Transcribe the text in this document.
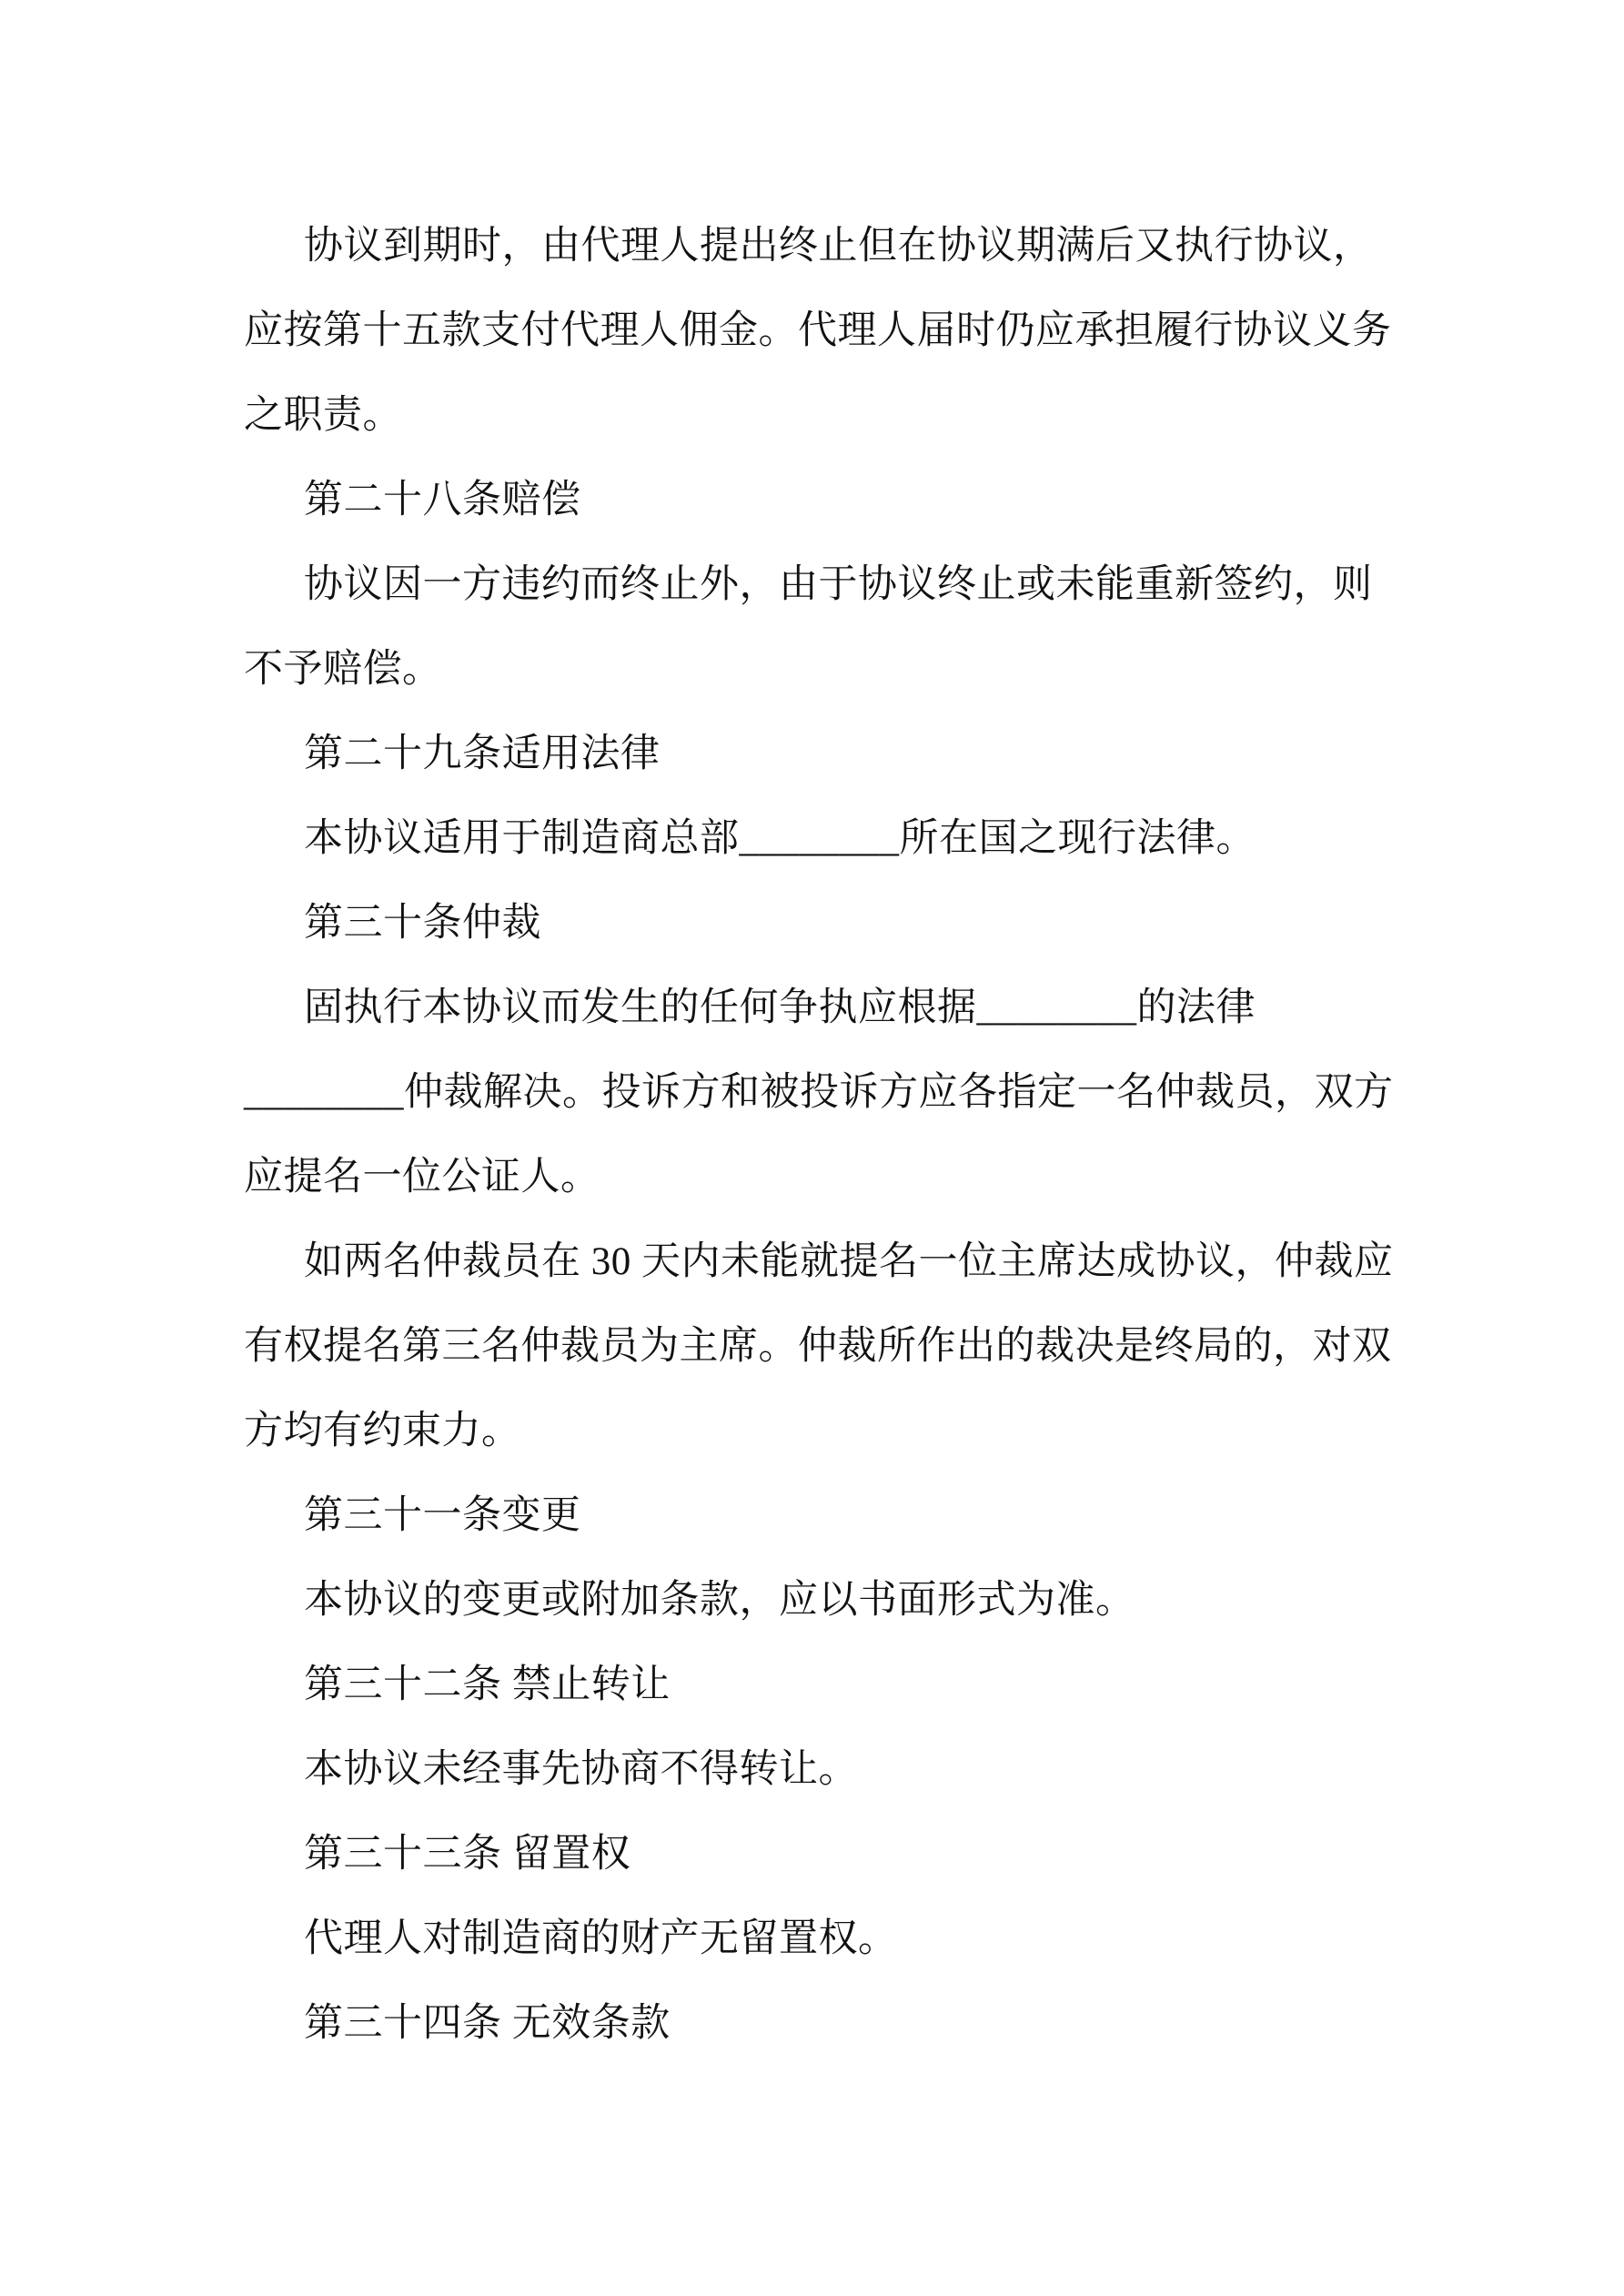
协议到期时，由代理人提出终止但在协议期满后又执行协议，
应按第十五款支付代理人佣金。代理人届时仍应承担履行协议义务
之职责。
第二十八条赔偿
协议因一方违约而终止外，由于协议终止或未能重新签约，则
不予赔偿。
第二十九条适用法律
本协议适用于制造商总部________所在国之现行法律。
第三十条仲裁
固执行本协议而发生的任何争执应根据________的法律
________仲裁解决。投诉方和被投诉方应各指定一名仲裁员，双方
应提名一位公证人。
如两名仲裁员在 30 天内未能就提名一位主席达成协议，仲裁应
有权提名第三名仲裁员为主席。仲裁所作出的裁决是终局的，对双
方均有约束力。
第三十一条变更
本协议的变更或附加条款，应以书面形式为准。
第三十二条 禁止转让
本协议未经事先协商不得转让。
第三十三条 留置权
代理人对制造商的财产无留置权。
第三十四条 无效条款
